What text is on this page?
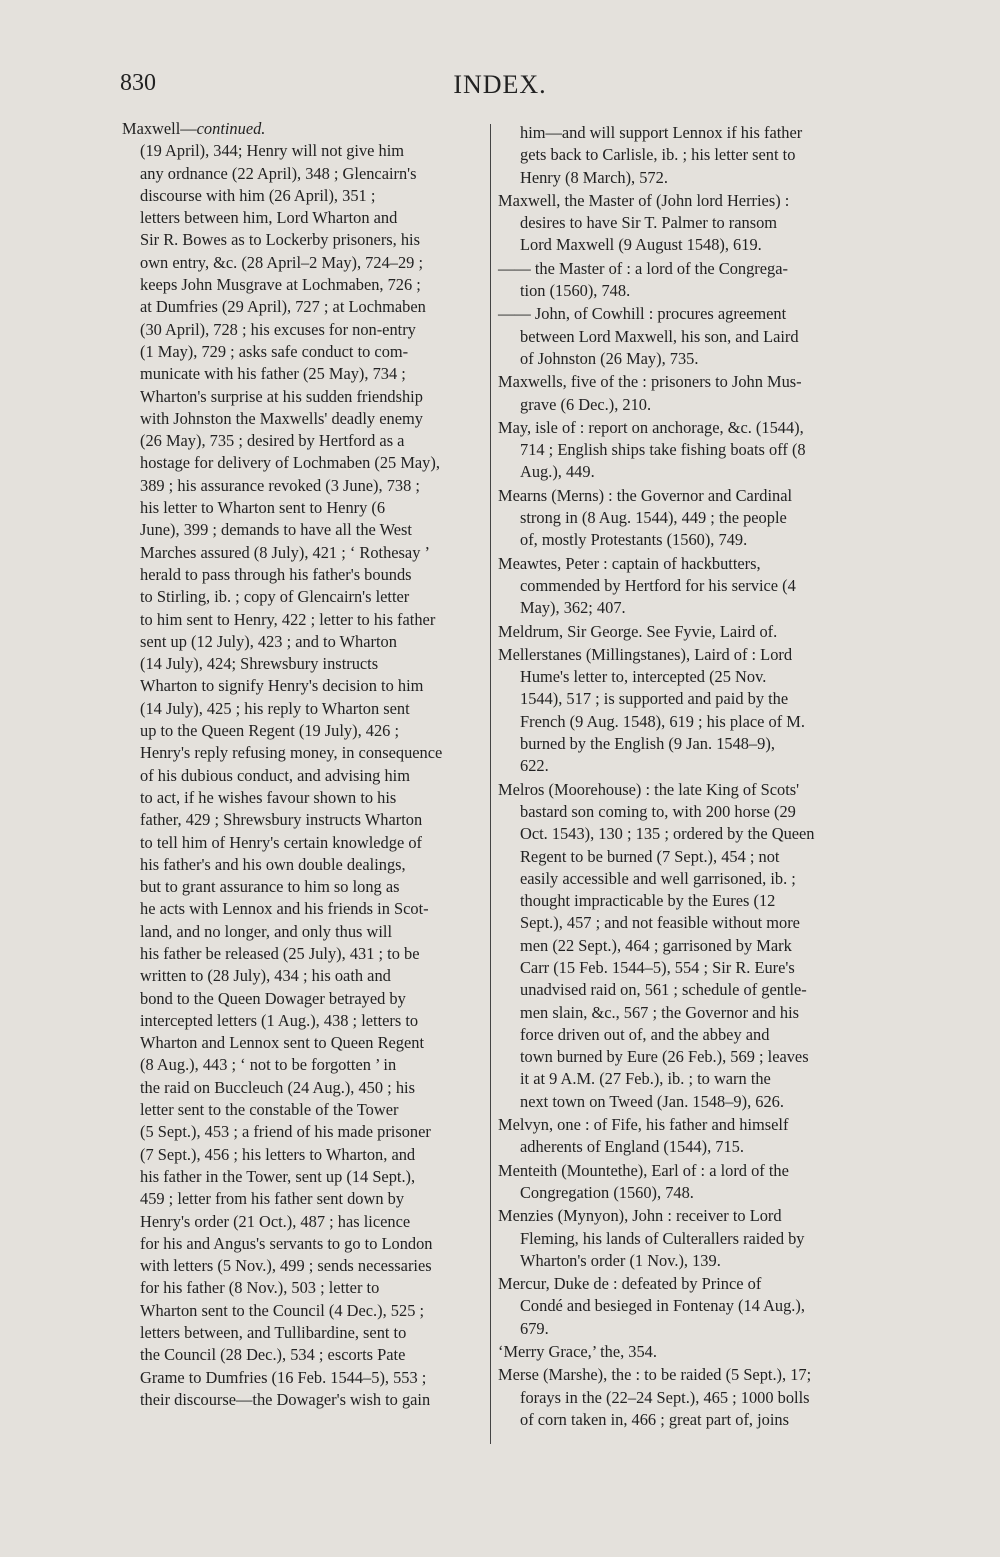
830	INDEX.
Maxwell—continued.
(19 April), 344; Henry will not give him
any ordnance (22 April), 348 ; Glencairn's
discourse with him (26 April), 351 ;
letters between him, Lord Wharton and
Sir R. Bowes as to Lockerby prisoners, his
own entry, &c. (28 April–2 May), 724–29 ;
keeps John Musgrave at Lochmaben, 726 ;
at Dumfries (29 April), 727 ; at Lochmaben
(30 April), 728 ; his excuses for non-entry
(1 May), 729 ; asks safe conduct to com-
municate with his father (25 May), 734 ;
Wharton's surprise at his sudden friendship
with Johnston the Maxwells' deadly enemy
(26 May), 735 ; desired by Hertford as a
hostage for delivery of Lochmaben (25 May),
389 ; his assurance revoked (3 June), 738 ;
his letter to Wharton sent to Henry (6
June), 399 ; demands to have all the West
Marches assured (8 July), 421 ; ‘ Rothesay ’
herald to pass through his father's bounds
to Stirling, ib. ; copy of Glencairn's letter
to him sent to Henry, 422 ; letter to his father
sent up (12 July), 423 ; and to Wharton
(14 July), 424; Shrewsbury instructs
Wharton to signify Henry's decision to him
(14 July), 425 ; his reply to Wharton sent
up to the Queen Regent (19 July), 426 ;
Henry's reply refusing money, in consequence
of his dubious conduct, and advising him
to act, if he wishes favour shown to his
father, 429 ; Shrewsbury instructs Wharton
to tell him of Henry's certain knowledge of
his father's and his own double dealings,
but to grant assurance to him so long as
he acts with Lennox and his friends in Scot-
land, and no longer, and only thus will
his father be released (25 July), 431 ; to be
written to (28 July), 434 ; his oath and
bond to the Queen Dowager betrayed by
intercepted letters (1 Aug.), 438 ; letters to
Wharton and Lennox sent to Queen Regent
(8 Aug.), 443 ; ‘ not to be forgotten ’ in
the raid on Buccleuch (24 Aug.), 450 ; his
letter sent to the constable of the Tower
(5 Sept.), 453 ; a friend of his made prisoner
(7 Sept.), 456 ; his letters to Wharton, and
his father in the Tower, sent up (14 Sept.),
459 ; letter from his father sent down by
Henry's order (21 Oct.), 487 ; has licence
for his and Angus's servants to go to London
with letters (5 Nov.), 499 ; sends necessaries
for his father (8 Nov.), 503 ; letter to
Wharton sent to the Council (4 Dec.), 525 ;
letters between, and Tullibardine, sent to
the Council (28 Dec.), 534 ; escorts Pate
Grame to Dumfries (16 Feb. 1544–5), 553 ;
their discourse—the Dowager's wish to gain
him—and will support Lennox if his father
gets back to Carlisle, ib. ; his letter sent to
Henry (8 March), 572.
Maxwell, the Master of (John lord Herries) :
desires to have Sir T. Palmer to ransom
Lord Maxwell (9 August 1548), 619.
—— the Master of : a lord of the Congrega-
tion (1560), 748.
—— John, of Cowhill : procures agreement
between Lord Maxwell, his son, and Laird
of Johnston (26 May), 735.
Maxwells, five of the : prisoners to John Mus-
grave (6 Dec.), 210.
May, isle of : report on anchorage, &c. (1544),
714 ; English ships take fishing boats off (8
Aug.), 449.
Mearns (Merns) : the Governor and Cardinal
strong in (8 Aug. 1544), 449 ; the people
of, mostly Protestants (1560), 749.
Meawtes, Peter : captain of hackbutters,
commended by Hertford for his service (4
May), 362; 407.
Meldrum, Sir George. See Fyvie, Laird of.
Mellerstanes (Millingstanes), Laird of : Lord
Hume's letter to, intercepted (25 Nov.
1544), 517 ; is supported and paid by the
French (9 Aug. 1548), 619 ; his place of M.
burned by the English (9 Jan. 1548–9),
622.
Melros (Moorehouse) : the late King of Scots'
bastard son coming to, with 200 horse (29
Oct. 1543), 130 ; 135 ; ordered by the Queen
Regent to be burned (7 Sept.), 454 ; not
easily accessible and well garrisoned, ib. ;
thought impracticable by the Eures (12
Sept.), 457 ; and not feasible without more
men (22 Sept.), 464 ; garrisoned by Mark
Carr (15 Feb. 1544–5), 554 ; Sir R. Eure's
unadvised raid on, 561 ; schedule of gentle-
men slain, &c., 567 ; the Governor and his
force driven out of, and the abbey and
town burned by Eure (26 Feb.), 569 ; leaves
it at 9 A.M. (27 Feb.), ib. ; to warn the
next town on Tweed (Jan. 1548–9), 626.
Melvyn, one : of Fife, his father and himself
adherents of England (1544), 715.
Menteith (Mountethe), Earl of : a lord of the
Congregation (1560), 748.
Menzies (Mynyon), John : receiver to Lord
Fleming, his lands of Culterallers raided by
Wharton's order (1 Nov.), 139.
Mercur, Duke de : defeated by Prince of
Condé and besieged in Fontenay (14 Aug.),
679.
‘Merry Grace,’ the, 354.
Merse (Marshe), the : to be raided (5 Sept.), 17;
forays in the (22–24 Sept.), 465 ; 1000 bolls
of corn taken in, 466 ; great part of, joins
